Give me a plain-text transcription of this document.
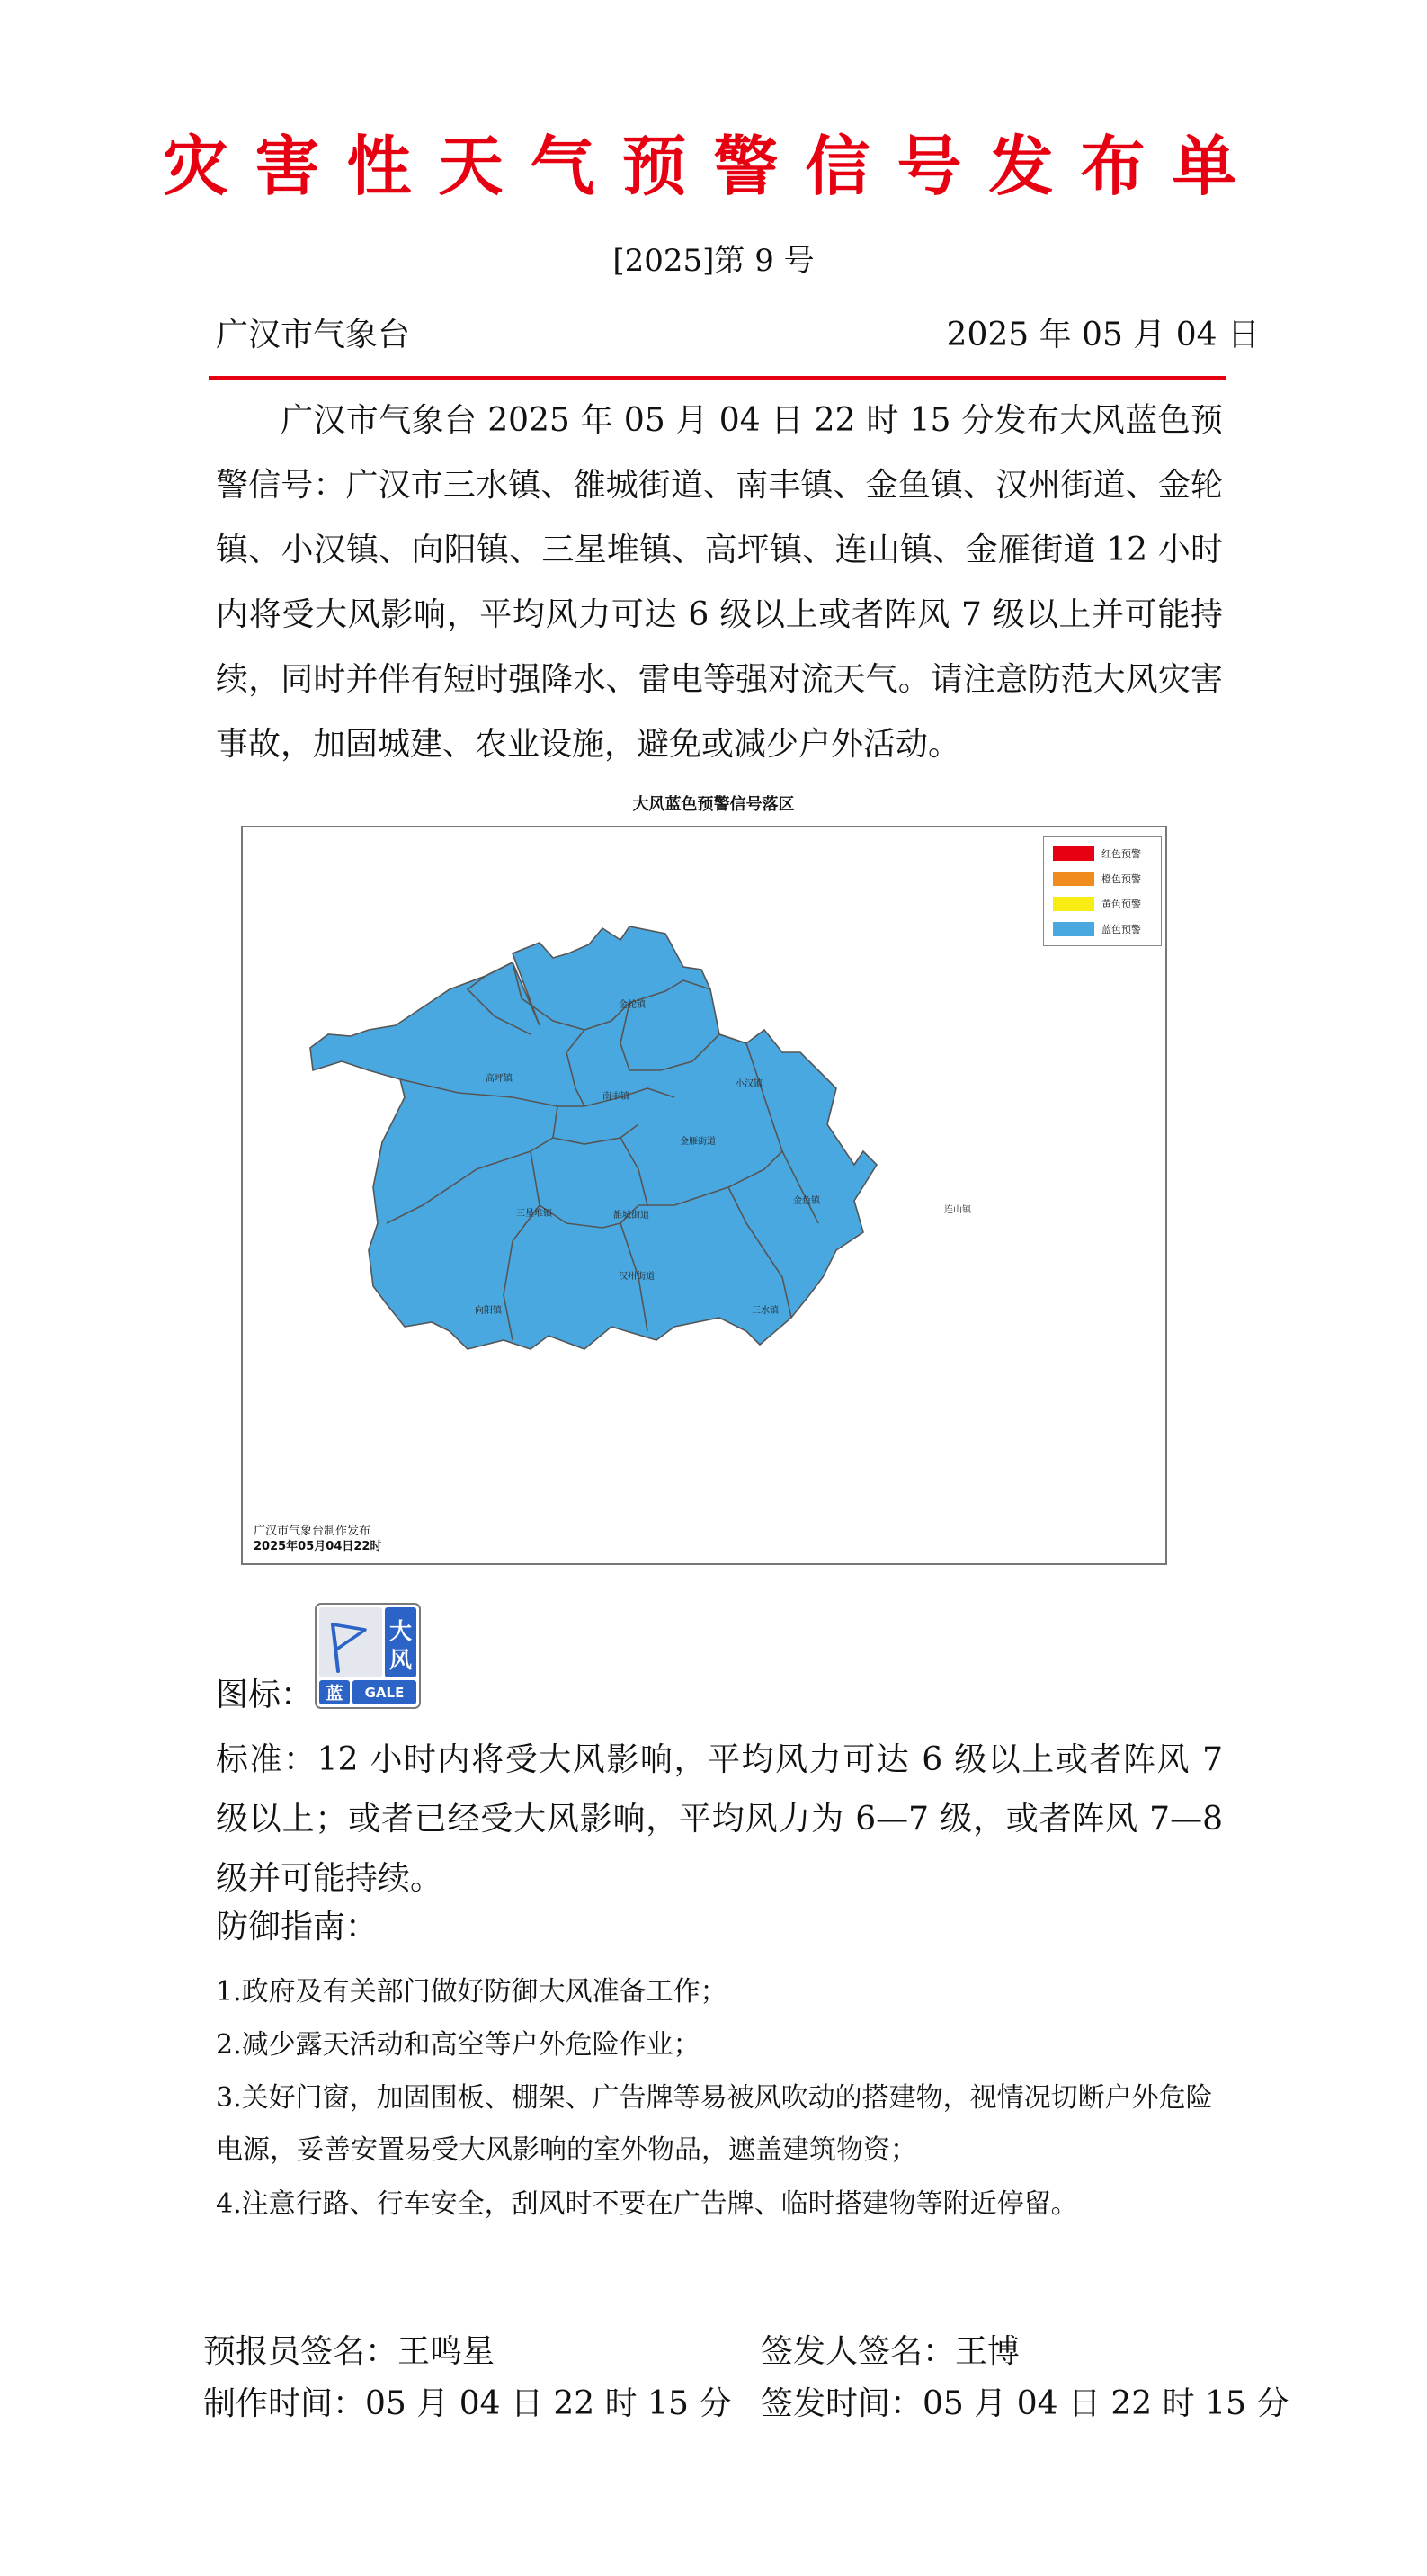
灾害性天气预警信号发布单
[2025]第 9 号
广汉市气象台	2025 年 05 月 04 日

广汉市气象台 2025 年 05 月 04 日 22 时 15 分发布大风蓝色预警信号：广汉市三水镇、雒城街道、南丰镇、金鱼镇、汉州街道、金轮镇、小汉镇、向阳镇、三星堆镇、高坪镇、连山镇、金雁街道 12 小时内将受大风影响，平均风力可达 6 级以上或者阵风 7 级以上并可能持续，同时并伴有短时强降水、雷电等强对流天气。请注意防范大风灾害事故，加固城建、农业设施，避免或减少户外活动。

大风蓝色预警信号落区
金轮镇
高坪镇
南丰镇
小汉镇
金雁街道
金鱼镇
连山镇
三星堆镇	雒城街道
汉州街道
向阳镇	三水镇
红色预警
橙色预警
黄色预警
蓝色预警
广汉市气象台制作发布
2025年05月04日22时
图标：
大
风
蓝 GALE

标准：12 小时内将受大风影响，平均风力可达 6 级以上或者阵风 7 级以上；或者已经受大风影响，平均风力为 6—7 级，或者阵风 7—8 级并可能持续。

防御指南：

1.政府及有关部门做好防御大风准备工作；

2.减少露天活动和高空等户外危险作业；

3.关好门窗，加固围板、棚架、广告牌等易被风吹动的搭建物，视情况切断户外危险电源，妥善安置易受大风影响的室外物品，遮盖建筑物资；

4.注意行路、行车安全，刮风时不要在广告牌、临时搭建物等附近停留。

预报员签名：王鸣星	签发人签名：王博
制作时间：05 月 04 日 22 时 15 分 签发时间：05 月 04 日 22 时 15 分
